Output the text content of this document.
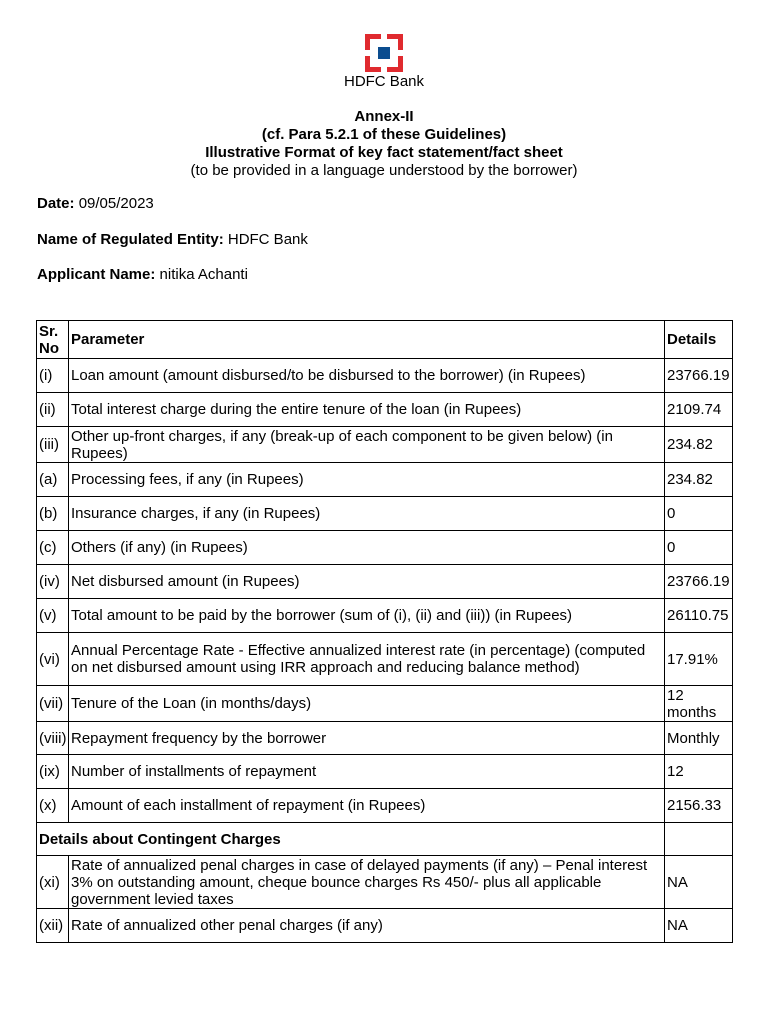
HDFC Bank
Annex-II
(cf. Para 5.2.1 of these Guidelines)
Illustrative Format of key fact statement/fact sheet
(to be provided in a language understood by the borrower)
Date: 09/05/2023
Name of Regulated Entity: HDFC Bank
Applicant Name: nitika Achanti
Sr. No	Parameter	Details
(i)	Loan amount (amount disbursed/to be disbursed to the borrower) (in Rupees)	23766.19
(ii)	Total interest charge during the entire tenure of the loan (in Rupees)	2109.74
(iii)	Other up-front charges, if any (break-up of each component to be given below) (in Rupees)	234.82
(a)	Processing fees, if any (in Rupees)	234.82
(b)	Insurance charges, if any (in Rupees)	0
(c)	Others (if any) (in Rupees)	0
(iv)	Net disbursed amount (in Rupees)	23766.19
(v)	Total amount to be paid by the borrower (sum of (i), (ii) and (iii)) (in Rupees)	26110.75
(vi)	Annual Percentage Rate - Effective annualized interest rate (in percentage) (computed on net disbursed amount using IRR approach and reducing balance method)	17.91%
(vii)	Tenure of the Loan (in months/days)	12 months
(viii)	Repayment frequency by the borrower	Monthly
(ix)	Number of installments of repayment	12
(x)	Amount of each installment of repayment (in Rupees)	2156.33
Details about Contingent Charges		
(xi)	Rate of annualized penal charges in case of delayed payments (if any) – Penal interest 3% on outstanding amount, cheque bounce charges Rs 450/- plus all applicable government levied taxes	NA
(xii)	Rate of annualized other penal charges (if any)	NA
